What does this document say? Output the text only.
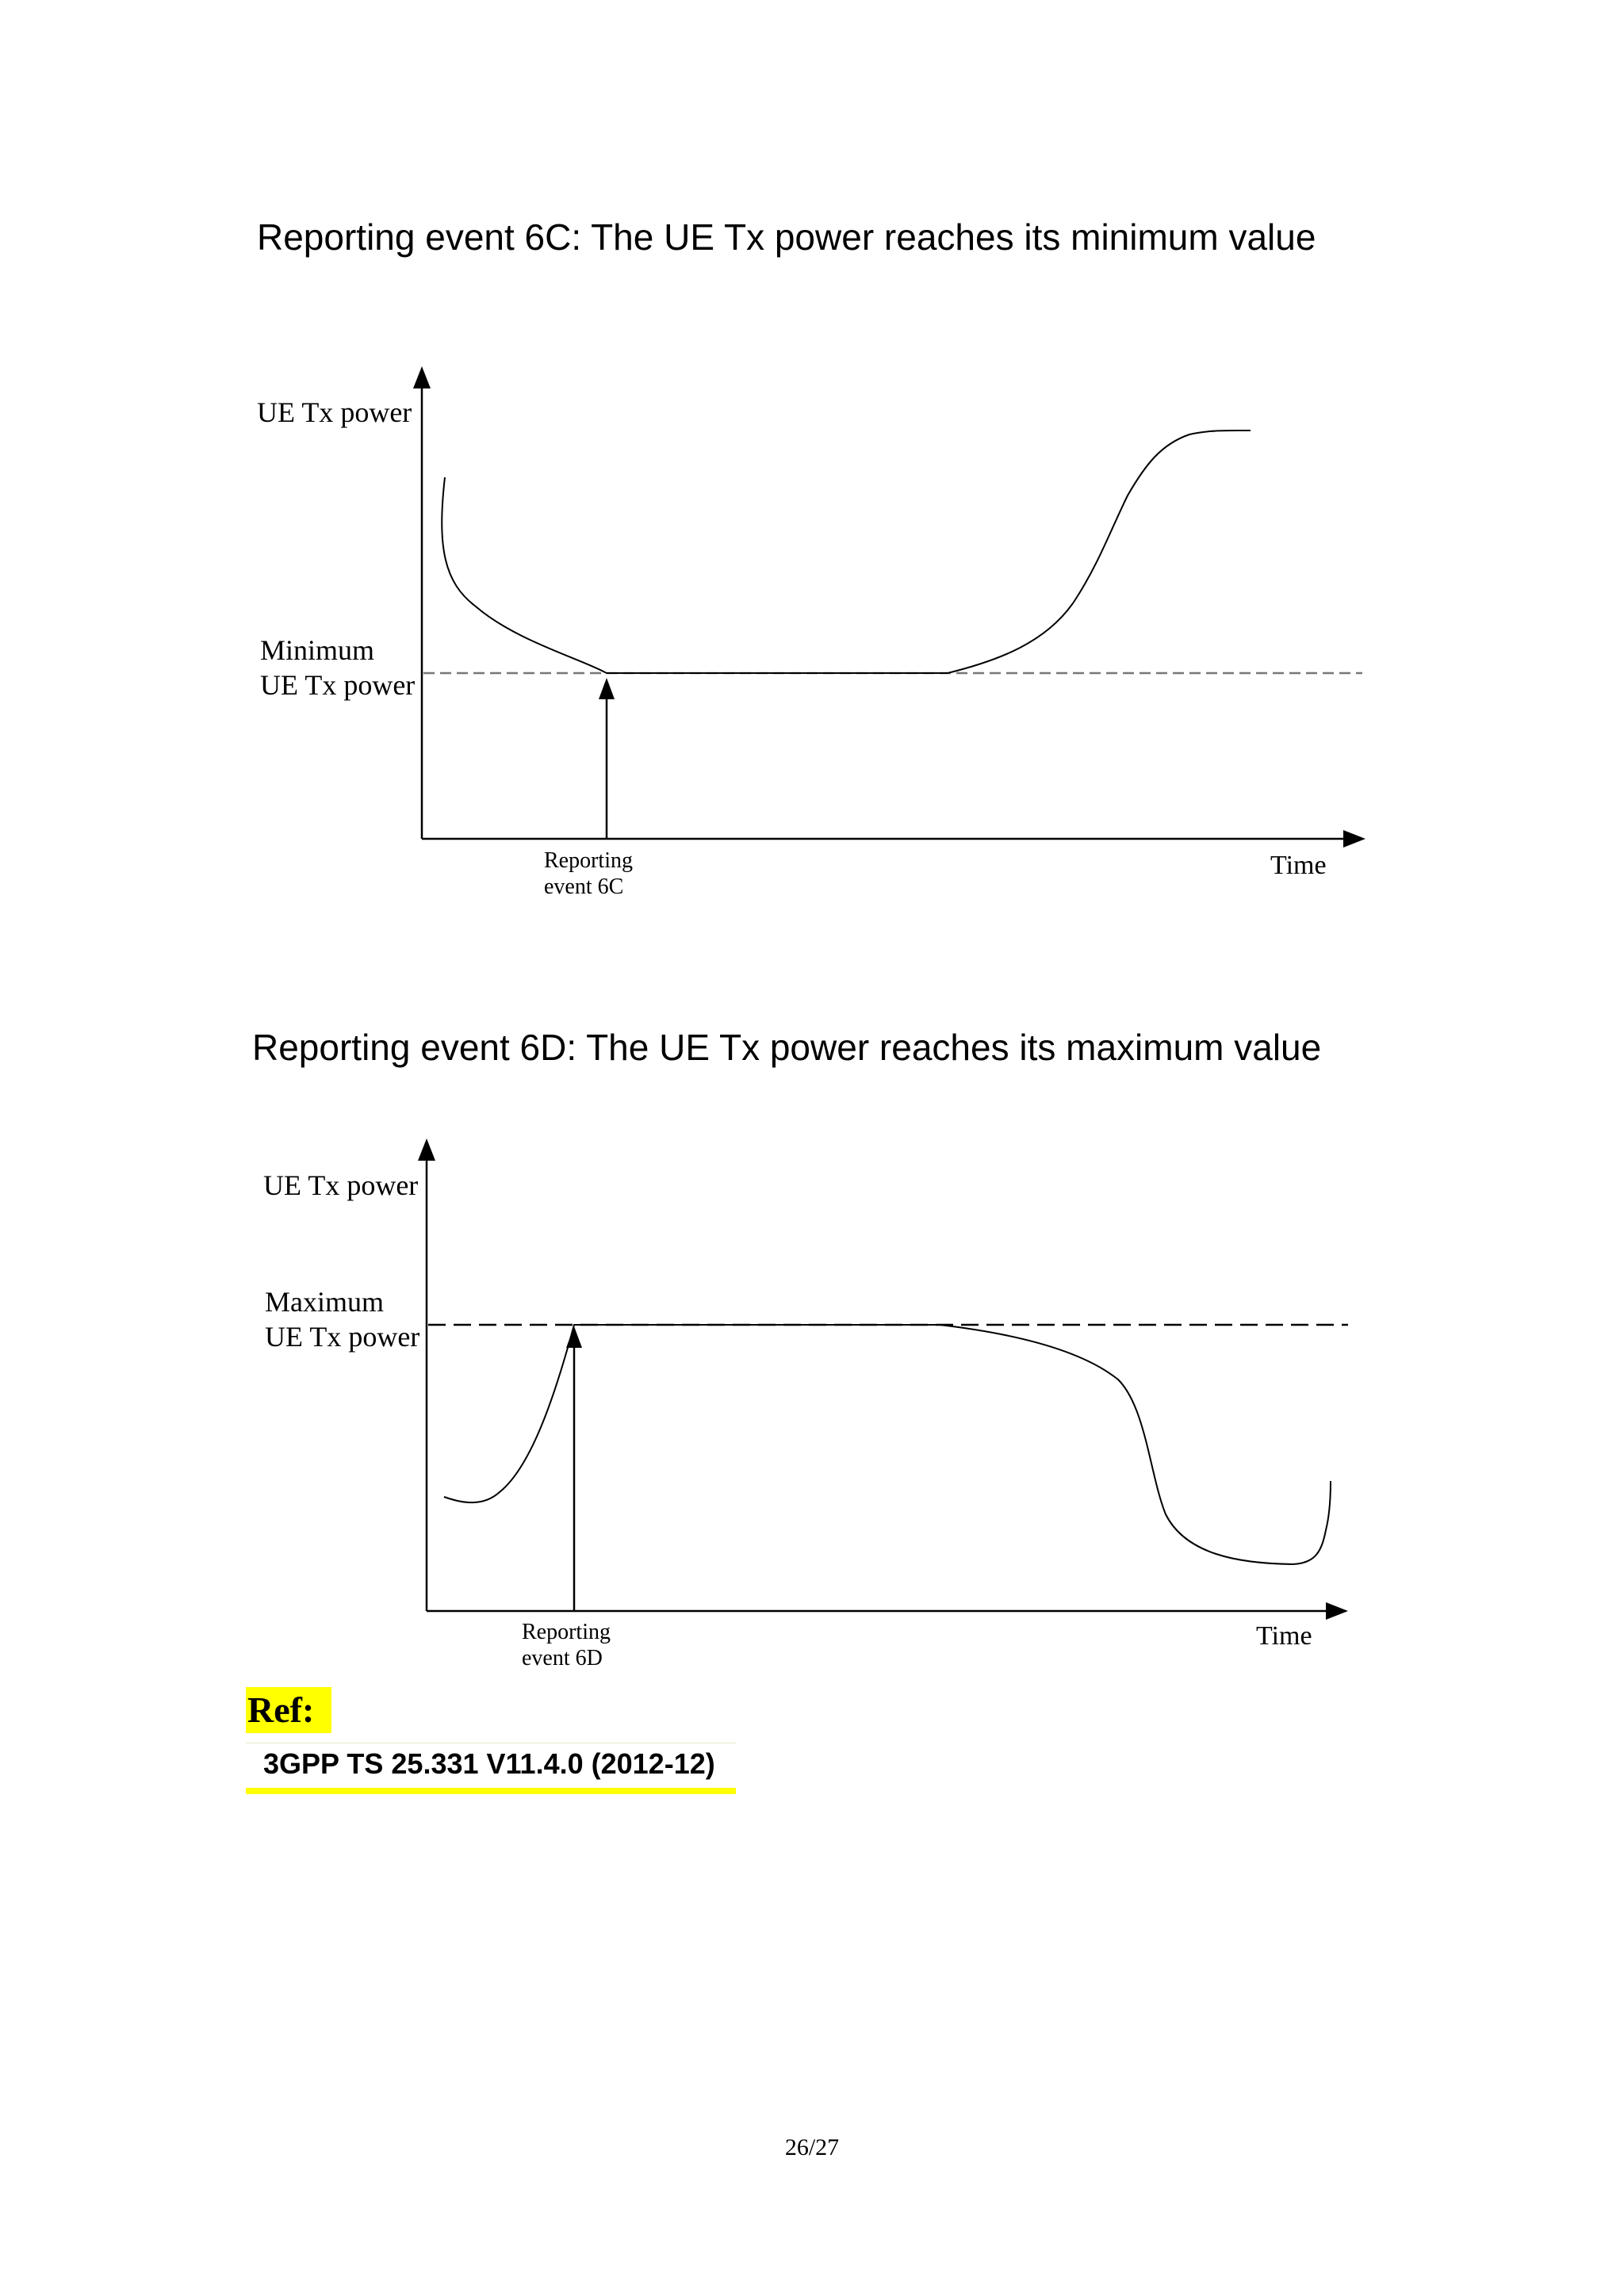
Reporting event 6C: The UE Tx power reaches its minimum value
Reporting event 6D: The UE Tx power reaches its maximum value
UE Tx power
Minimum
UE Tx power
Reporting
event 6C
Time
UE Tx power
Maximum
UE Tx power
Reporting
event 6D
Time
Ref:
3GPP TS 25.331 V11.4.0 (2012-12)
26/27
